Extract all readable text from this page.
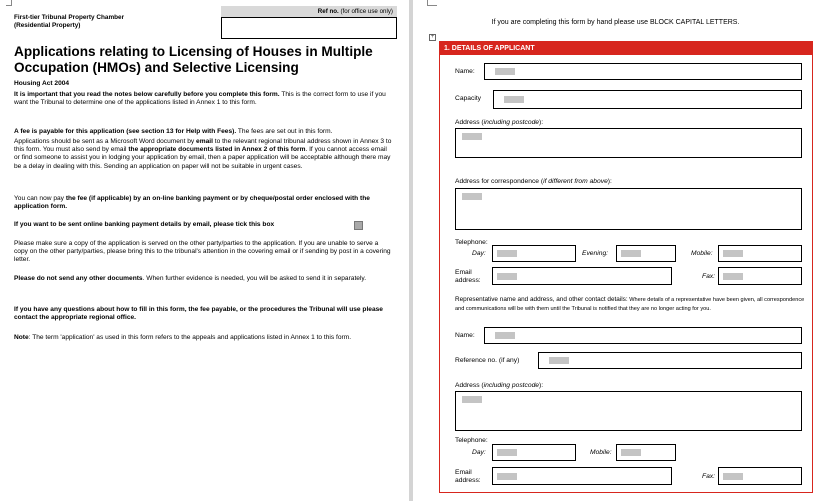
First-tier Tribunal Property Chamber
(Residential Property)
Ref no. (for office use only)
Applications relating to Licensing of Houses in Multiple Occupation (HMOs) and Selective Licensing

Housing Act 2004

It is important that you read the notes below carefully before you complete this form. This is the correct form to use if you want the Tribunal to determine one of the applications listed in Annex 1 to this form.

A fee is payable for this application (see section 13 for Help with Fees). The fees are set out in this form.

Applications should be sent as a Microsoft Word document by email to the relevant regional tribunal address shown in Annex 3 to this form. You must also send by email the appropriate documents listed in Annex 2 of this form. If you cannot access email or find someone to assist you in lodging your application by email, then a paper application will be acceptable although there may be a delay in dealing with this. Sending an application on paper will not be suitable in urgent cases.

You can now pay the fee (if applicable) by an on-line banking payment or by cheque/postal order enclosed with the application form.

If you want to be sent online banking payment details by email, please tick this box

Please make sure a copy of the application is served on the other party/parties to the application. If you are unable to serve a copy on the other party/parties, please bring this to the tribunal's attention in the covering email or if sending by post in a covering letter.

Please do not send any other documents. When further evidence is needed, you will be asked to send it in separately.

If you have any questions about how to fill in this form, the fee payable, or the procedures the Tribunal will use please contact the appropriate regional office.

Note: The term 'application' as used in this form refers to the appeals and applications listed in Annex 1 to this form.

If you are completing this form by hand please use BLOCK CAPITAL LETTERS.
+
1. DETAILS OF APPLICANT
Name:
Capacity
Address (including postcode):
Address for correspondence (if different from above):
Telephone:
Day:	Evening:	Mobile:
Email
address:
Fax:
Representative name and address, and other contact details: Where details of a representative have been given, all correspondence and communications will be with them until the Tribunal is notified that they are no longer acting for you.
Name:
Reference no. (if any)
Address (including postcode):
Telephone:
Day:	Mobile:
Email
address:
Fax:
